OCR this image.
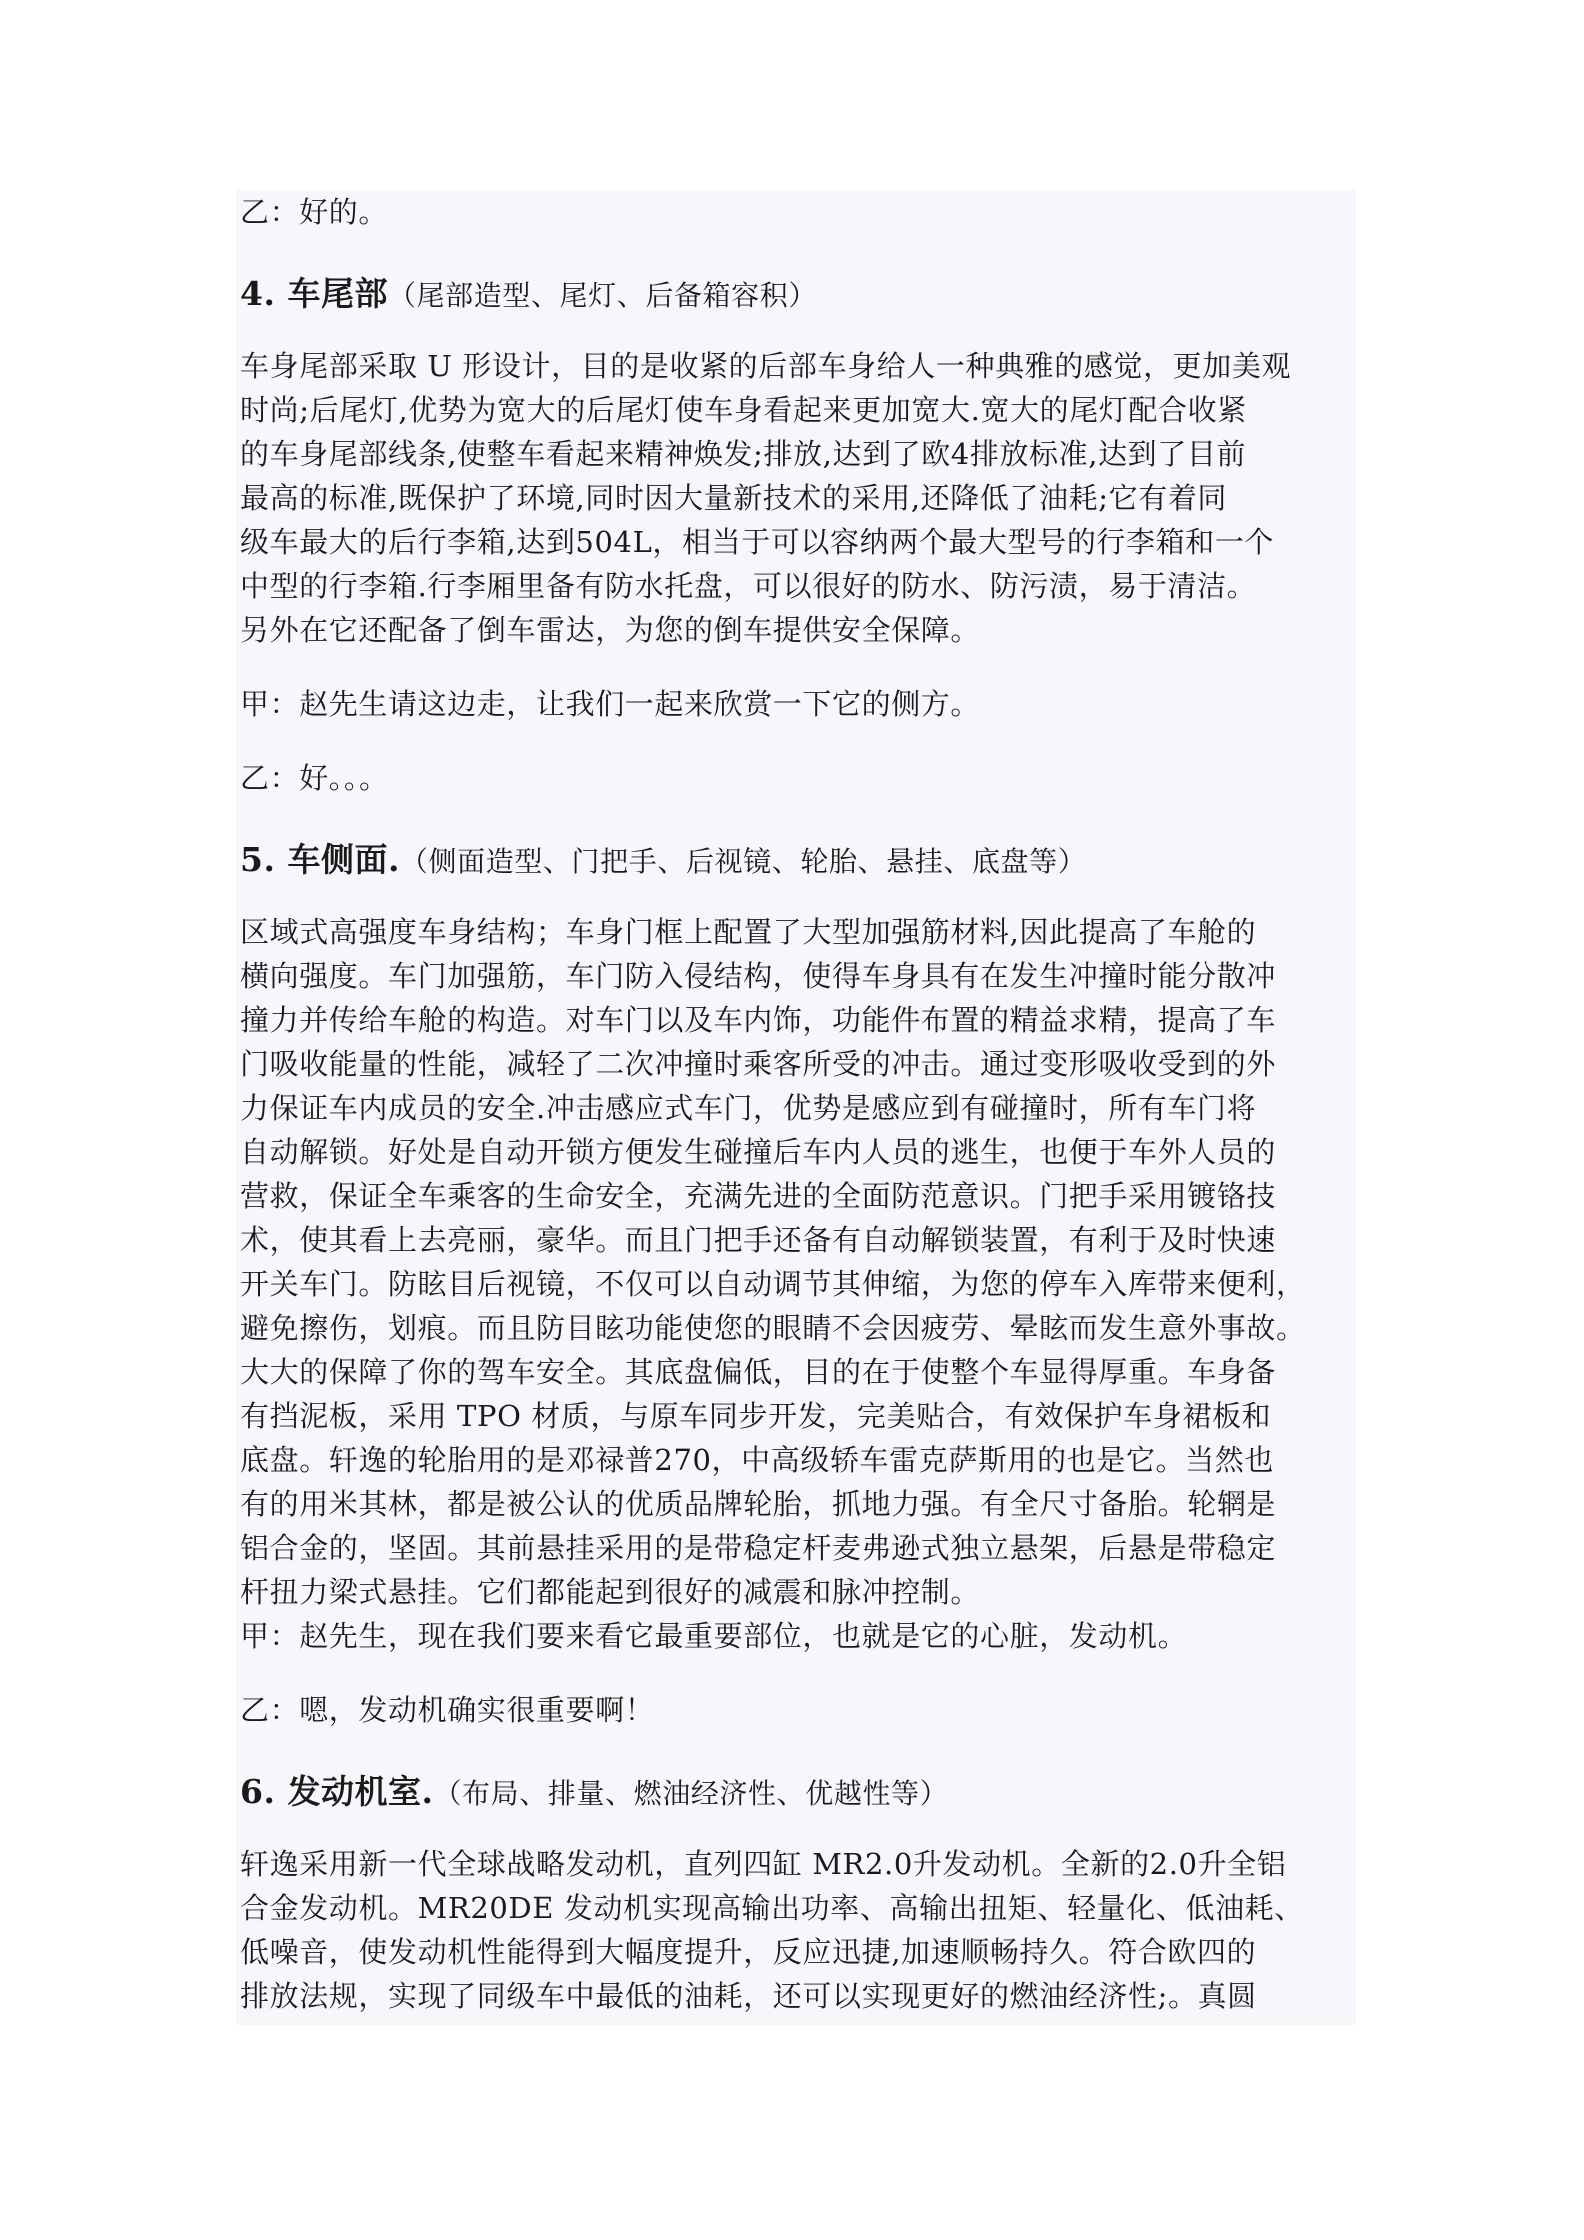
乙：好的。
4. 车尾部（尾部造型、尾灯、后备箱容积）
车身尾部采取 U 形设计，目的是收紧的后部车身给人一种典雅的感觉，更加美观
时尚;后尾灯,优势为宽大的后尾灯使车身看起来更加宽大.宽大的尾灯配合收紧
的车身尾部线条,使整车看起来精神焕发;排放,达到了欧4排放标准,达到了目前
最高的标准,既保护了环境,同时因大量新技术的采用,还降低了油耗;它有着同
级车最大的后行李箱,达到504L，相当于可以容纳两个最大型号的行李箱和一个
中型的行李箱.行李厢里备有防水托盘，可以很好的防水、防污渍，易于清洁。
另外在它还配备了倒车雷达，为您的倒车提供安全保障。
甲：赵先生请这边走，让我们一起来欣赏一下它的侧方。
乙：好。。。
5. 车侧面.（侧面造型、门把手、后视镜、轮胎、悬挂、底盘等）
区域式高强度车身结构；车身门框上配置了大型加强筋材料,因此提高了车舱的
横向强度。车门加强筋，车门防入侵结构，使得车身具有在发生冲撞时能分散冲
撞力并传给车舱的构造。对车门以及车内饰，功能件布置的精益求精，提高了车
门吸收能量的性能，减轻了二次冲撞时乘客所受的冲击。通过变形吸收受到的外
力保证车内成员的安全.冲击感应式车门，优势是感应到有碰撞时，所有车门将
自动解锁。好处是自动开锁方便发生碰撞后车内人员的逃生，也便于车外人员的
营救，保证全车乘客的生命安全，充满先进的全面防范意识。门把手采用镀铬技
术，使其看上去亮丽，豪华。而且门把手还备有自动解锁装置，有利于及时快速
开关车门。防眩目后视镜，不仅可以自动调节其伸缩，为您的停车入库带来便利，
避免擦伤，划痕。而且防目眩功能使您的眼睛不会因疲劳、晕眩而发生意外事故。
大大的保障了你的驾车安全。其底盘偏低，目的在于使整个车显得厚重。车身备
有挡泥板，采用 TPO 材质，与原车同步开发，完美贴合，有效保护车身裙板和
底盘。轩逸的轮胎用的是邓禄普270，中高级轿车雷克萨斯用的也是它。当然也
有的用米其林，都是被公认的优质品牌轮胎，抓地力强。有全尺寸备胎。轮辋是
铝合金的，坚固。其前悬挂采用的是带稳定杆麦弗逊式独立悬架，后悬是带稳定
杆扭力梁式悬挂。它们都能起到很好的减震和脉冲控制。
甲：赵先生，现在我们要来看它最重要部位，也就是它的心脏，发动机。
乙：嗯，发动机确实很重要啊！
6. 发动机室.（布局、排量、燃油经济性、优越性等）
轩逸采用新一代全球战略发动机，直列四缸 MR2.0升发动机。全新的2.0升全铝
合金发动机。MR20DE 发动机实现高输出功率、高输出扭矩、轻量化、低油耗、
低噪音，使发动机性能得到大幅度提升，反应迅捷,加速顺畅持久。符合欧四的
排放法规，实现了同级车中最低的油耗，还可以实现更好的燃油经济性;。真圆
